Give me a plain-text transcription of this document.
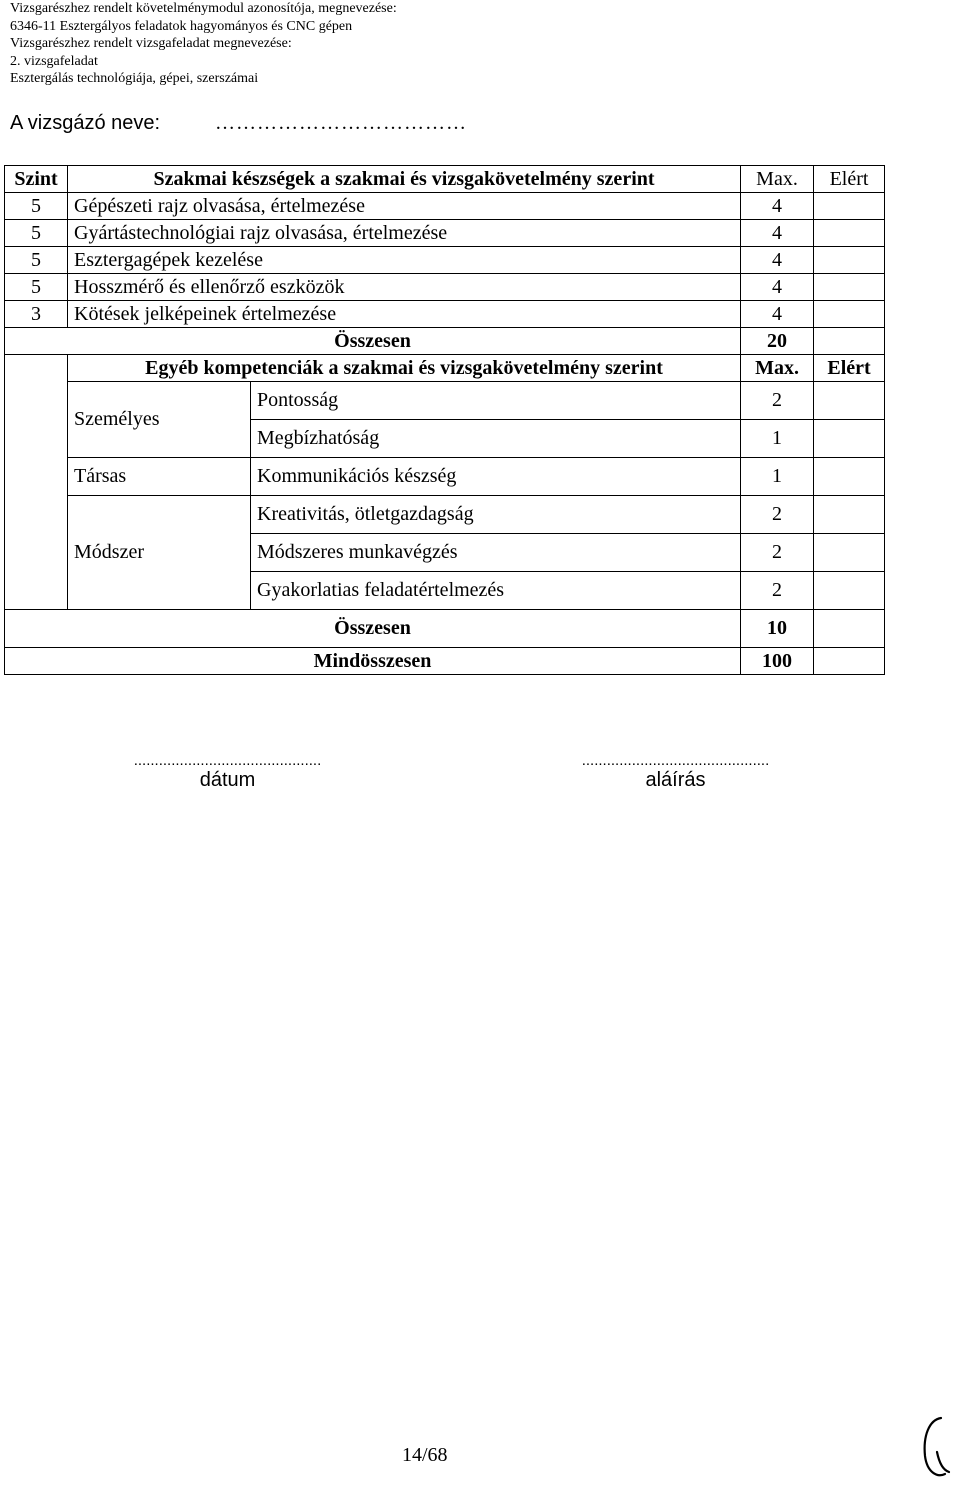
Vizsgarészhez rendelt követelménymodul azonosítója, megnevezése:
6346-11 Esztergályos feladatok hagyományos és CNC gépen
Vizsgarészhez rendelt vizsgafeladat megnevezése:
2. vizsgafeladat
Esztergálás technológiája, gépei, szerszámai
A vizsgázó neve:	………………………………
Szint	Szakmai készségek a szakmai és vizsgakövetelmény szerint		Max.	Elért
5	Gépészeti rajz olvasása, értelmezése		4	
5	Gyártástechnológiai rajz olvasása, értelmezése		4	
5	Esztergagépek kezelése		4	
5	Hosszmérő és ellenőrző eszközök		4	
3	Kötések jelképeinek értelmezése		4	
Összesen			20	
	Egyéb kompetenciák a szakmai és vizsgakövetelmény szerint		Max.	Elért
	Személyes	Pontosság	2	
		Megbízhatóság	1	
	Társas	Kommunikációs készség	1	
	Módszer	Kreativitás, ötletgazdagság	2	
		Módszeres munkavégzés	2	
		Gyakorlatias feladatértelmezés	2	
Összesen			10	
Mindösszesen			100	
.............................................
dátum
.............................................
aláírás
14/68
